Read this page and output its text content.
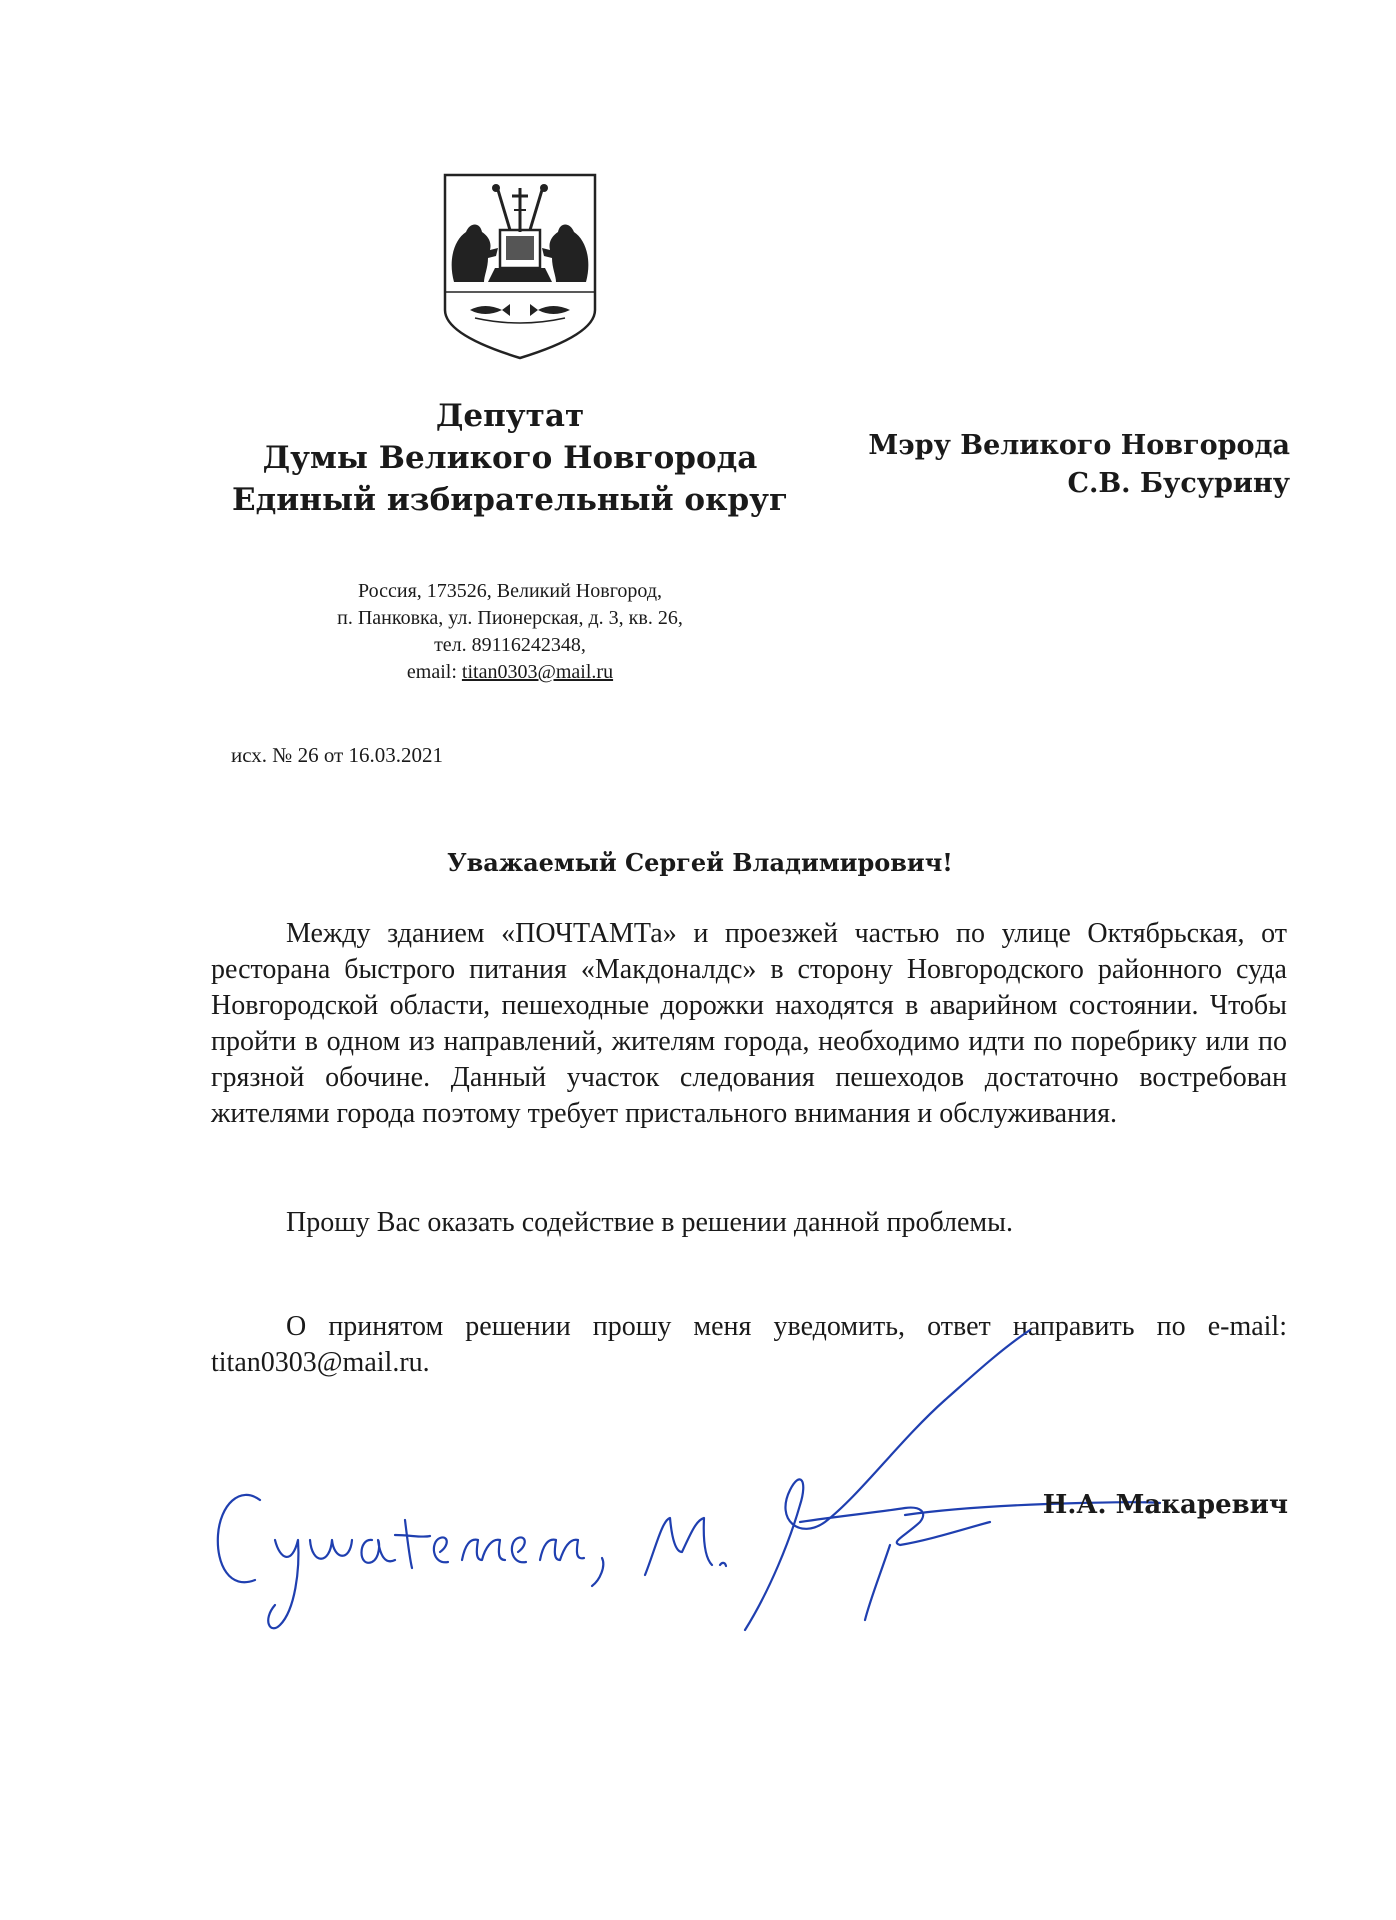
Депутат
Думы Великого Новгорода
Единый избирательный округ
Мэру Великого Новгорода
С.В. Бусурину
Россия, 173526, Великий Новгород,
п. Панковка, ул. Пионерская, д. 3, кв. 26,
тел. 89116242348,
email: titan0303@mail.ru
исх. № 26 от 16.03.2021
Уважаемый Сергей Владимирович!

Между зданием «ПОЧТАМТа» и проезжей частью по улице Октябрьская, от ресторана быстрого питания «Макдоналдс» в сторону Новгородского районного суда Новгородской области, пешеходные дорожки находятся в аварийном состоянии. Чтобы пройти в одном из направлений, жителям города, необходимо идти по поребрику или по грязной обочине. Данный участок следования пешеходов достаточно востребован жителями города поэтому требует пристального внимания и обслуживания.

Прошу Вас оказать содействие в решении данной проблемы.

О принятом решении прошу меня уведомить, ответ направить по e-mail: titan0303@mail.ru.

Н.А. Макаревич
